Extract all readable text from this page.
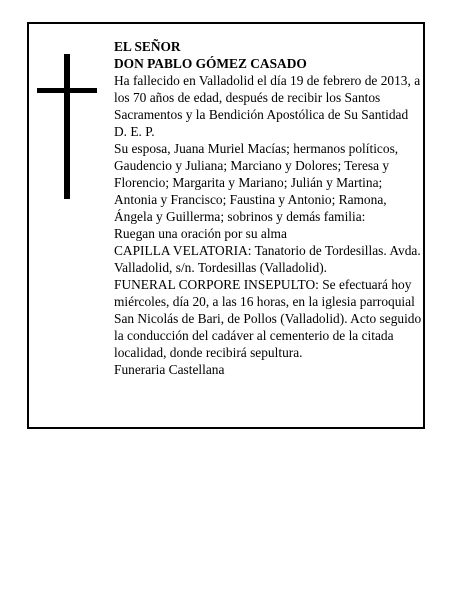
EL SEÑOR

DON PABLO GÓMEZ CASADO

Ha fallecido en Valladolid el día 19 de febrero de 2013, a los 70 años de edad, después de recibir los Santos Sacramentos y la Bendición Apostólica de Su Santidad D. E. P.

Su esposa, Juana Muriel Macías; hermanos políticos, Gaudencio y Juliana; Marciano y Dolores; Teresa y Florencio; Margarita y Mariano; Julián y Martina; Antonia y Francisco; Faustina y Antonio; Ramona, Ángela y Guillerma; sobrinos y demás familia:

Ruegan una oración por su alma

CAPILLA VELATORIA: Tanatorio de Tordesillas. Avda. Valladolid, s/n. Tordesillas (Valladolid).

FUNERAL CORPORE INSEPULTO: Se efectuará hoy miércoles, día 20, a las 16 horas, en la iglesia parroquial San Nicolás de Bari, de Pollos (Valladolid). Acto seguido la conducción del cadáver al cementerio de la citada localidad, donde recibirá sepultura.

Funeraria Castellana
